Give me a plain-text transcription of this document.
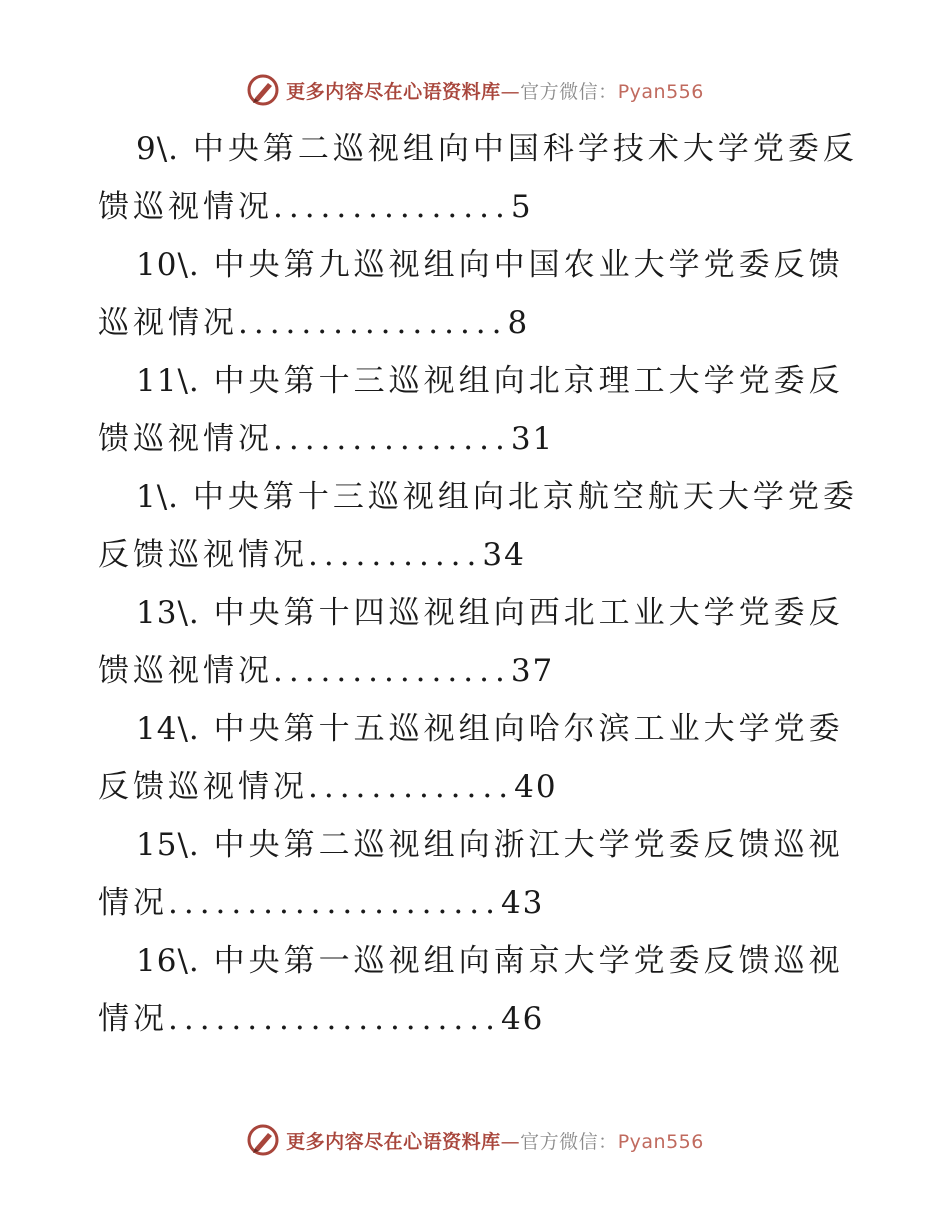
更多内容尽在心语资料库—官方微信：Pyan556
9\. 中央第二巡视组向中国科学技术大学党委反
馈巡视情况...............5
10\. 中央第九巡视组向中国农业大学党委反馈
巡视情况.................8
11\. 中央第十三巡视组向北京理工大学党委反
馈巡视情况...............31
1\. 中央第十三巡视组向北京航空航天大学党委
反馈巡视情况...........34
13\. 中央第十四巡视组向西北工业大学党委反
馈巡视情况...............37
14\. 中央第十五巡视组向哈尔滨工业大学党委
反馈巡视情况.............40
15\. 中央第二巡视组向浙江大学党委反馈巡视
情况.....................43
16\. 中央第一巡视组向南京大学党委反馈巡视
情况.....................46
更多内容尽在心语资料库—官方微信：Pyan556
